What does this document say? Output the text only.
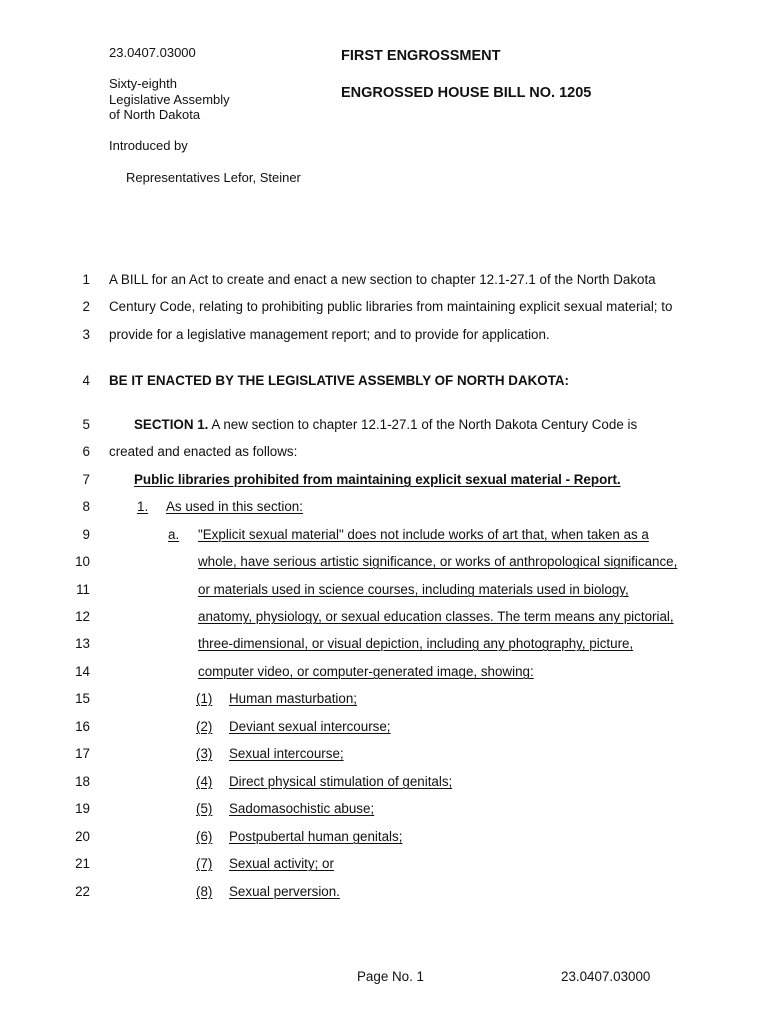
23.0407.03000	FIRST ENGROSSMENT
Sixty-eighth
Legislative Assembly
of North Dakota
ENGROSSED HOUSE BILL NO. 1205
Introduced by
Representatives Lefor, Steiner
1 A BILL for an Act to create and enact a new section to chapter 12.1-27.1 of the North Dakota
2 Century Code, relating to prohibiting public libraries from maintaining explicit sexual material; to
3 provide for a legislative management report; and to provide for application.
4 BE IT ENACTED BY THE LEGISLATIVE ASSEMBLY OF NORTH DAKOTA:
5	SECTION 1. A new section to chapter 12.1-27.1 of the North Dakota Century Code is
6 created and enacted as follows:
7	Public libraries prohibited from maintaining explicit sexual material - Report.
8	1. As used in this section:
9	a. "Explicit sexual material" does not include works of art that, when taken as a
10	whole, have serious artistic significance, or works of anthropological significance,
11	or materials used in science courses, including materials used in biology,
12	anatomy, physiology, or sexual education classes. The term means any pictorial,
13	three-dimensional, or visual depiction, including any photography, picture,
14	computer video, or computer-generated image, showing:
15	(1) Human masturbation;
16	(2) Deviant sexual intercourse;
17	(3) Sexual intercourse;
18	(4) Direct physical stimulation of genitals;
19	(5) Sadomasochistic abuse;
20	(6) Postpubertal human genitals;
21	(7) Sexual activity; or
22	(8) Sexual perversion.
Page No. 1	23.0407.03000
